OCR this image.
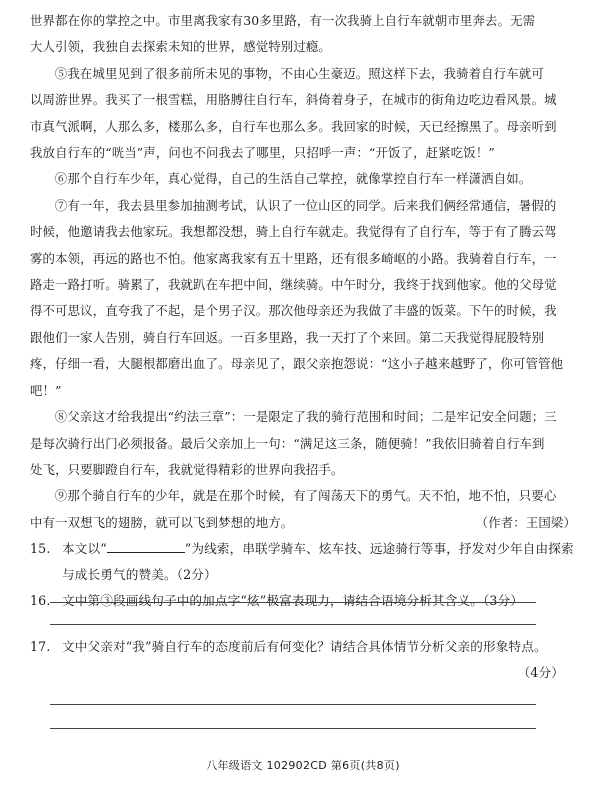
世界都在你的掌控之中。市里离我家有30多里路，有一次我骑上自行车就朝市里奔去。无需
大人引领，我独自去探索未知的世界，感觉特别过瘾。
⑤我在城里见到了很多前所未见的事物，不由心生豪迈。照这样下去，我骑着自行车就可
以周游世界。我买了一根雪糕，用胳膊往自行车，斜倚着身子，在城市的街角边吃边看风景。城
市真气派啊，人那么多，楼那么多，自行车也那么多。我回家的时候，天已经擦黑了。母亲听到
我放自行车的“咣当”声，问也不问我去了哪里，只招呼一声：“开饭了，赶紧吃饭！”
⑥那个自行车少年，真心觉得，自己的生活自己掌控，就像掌控自行车一样潇洒自如。
⑦有一年，我去县里参加抽测考试，认识了一位山区的同学。后来我们俩经常通信，暑假的
时候，他邀请我去他家玩。我想都没想，骑上自行车就走。我觉得有了自行车，等于有了腾云驾
雾的本领，再远的路也不怕。他家离我家有五十里路，还有很多崎岖的小路。我骑着自行车，一
路走一路打听。骑累了，我就趴在车把中间，继续骑。中午时分，我终于找到他家。他的父母觉
得不可思议，直夸我了不起，是个男子汉。那次他母亲还为我做了丰盛的饭菜。下午的时候，我
跟他们一家人告别，骑自行车回返。一百多里路，我一天打了个来回。第二天我觉得屁股特别
疼，仔细一看，大腿根都磨出血了。母亲见了，跟父亲抱怨说：“这小子越来越野了，你可管管他
吧！”
⑧父亲这才给我提出“约法三章”：一是限定了我的骑行范围和时间；二是牢记安全问题；三
是每次骑行出门必须报备。最后父亲加上一句：“满足这三条，随便骑！”我依旧骑着自行车到
处飞，只要脚蹬自行车，我就觉得精彩的世界向我招手。
⑨那个骑自行车的少年，就是在那个时候，有了闯荡天下的勇气。天不怕，地不怕，只要心
中有一双想飞的翅膀，就可以飞到梦想的地方。	（作者：王国梁）
15. 本文以“	”为线索，串联学骑车、炫车技、远途骑行等事，抒发对少年自由探索
与成长勇气的赞美。（2分）
16. 文中第③段画线句子中的加点字“炫”极富表现力，请结合语境分析其含义。（3分）
17. 文中父亲对“我”骑自行车的态度前后有何变化？请结合具体情节分析父亲的形象特点。
（4分）
八年级语文 102902CD 第6页(共8页)
